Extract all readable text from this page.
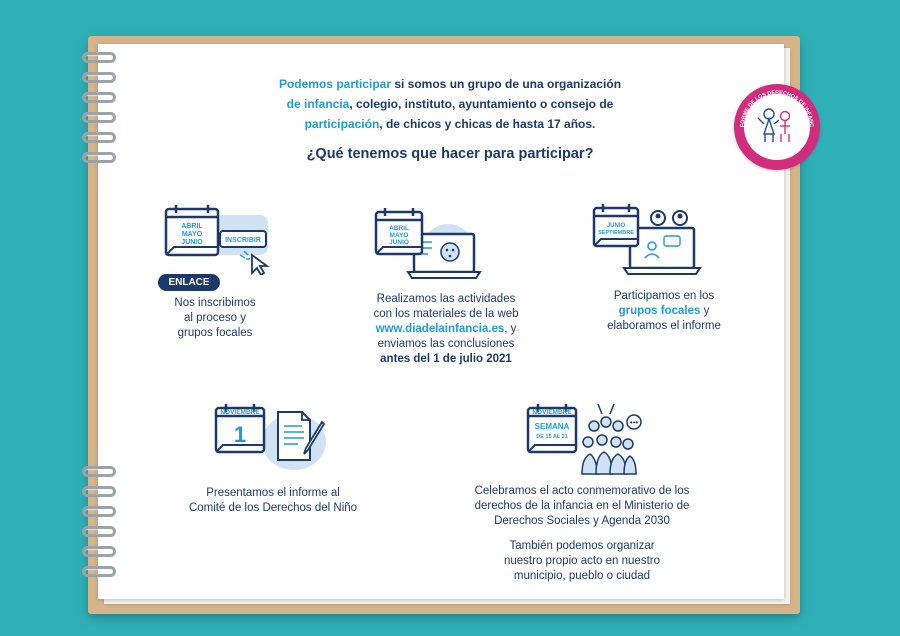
FORME DE LOS DERECHOS DE INFANC
NIÑOS Y NIÑAS
Podemos participar si somos un grupo de una organización
de infancia, colegio, instituto, ayuntamiento o consejo de
participación, de chicos y chicas de hasta 17 años.
¿Qué tenemos que hacer para participar?
ABRIL
MAYO
JUNIO	INSCRIBIR
ENLACE
Nos inscribimos
al proceso y
grupos focales
ABRIL
MAYO
JUNIO
Realizamos las actividades
con los materiales de la web
www.diadelainfancia.es, y
enviamos las conclusiones
antes del 1 de julio 2021
JUNIO
SEPTIEMBRE
Participamos en los
grupos focales y
elaboramos el informe
NOVIEMBRE
1
Presentamos el informe al
Comité de los Derechos del Niño
NOVIEMBRE
SEMANA
DE 15 AL 21
•••
Celebramos el acto conmemorativo de los
derechos de la infancia en el Ministerio de
Derechos Sociales y Agenda 2030
También podemos organizar
nuestro propio acto en nuestro
municipio, pueblo o ciudad
